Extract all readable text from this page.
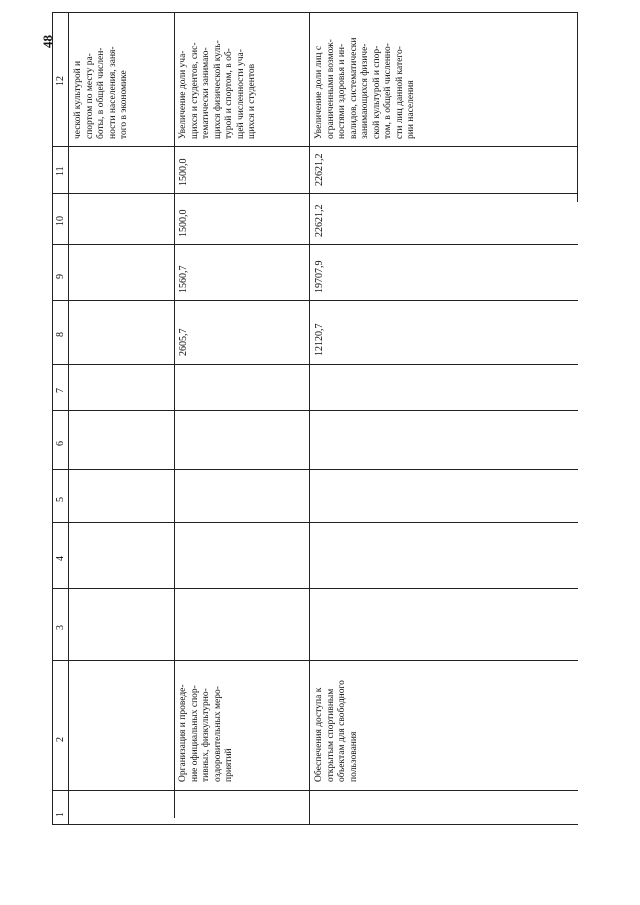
48
12
11
10
9
8
7
6
5
4
3
2
1
ческой культурой и
спортом по месту ра-
боты, в общей числен-
ности населения, заня-
того в экономике
Увеличение доли уча-
щихся и студентов, сис-
тематически занимаю-
щихся физической куль-
турой и спортом, в об-
щей численности уча-
щихся и студентов
1500,0
1500,0
1560,7
2605,7
Организация и проведе-
ние официальных спор-
тивных, физкультурно-
оздоровительных меро-
приятий
Увеличение доли лиц с
ограниченными возмож-
ностями здоровья и ин-
валидов, систематически
занимающихся физиче-
ской культурой и спор-
том, в общей численно-
сти лиц данной катего-
рии населения
22621,2
22621,2
19707,9
12120,7
Обеспечения доступа к
открытым спортивным
объектам для свободного
пользования
